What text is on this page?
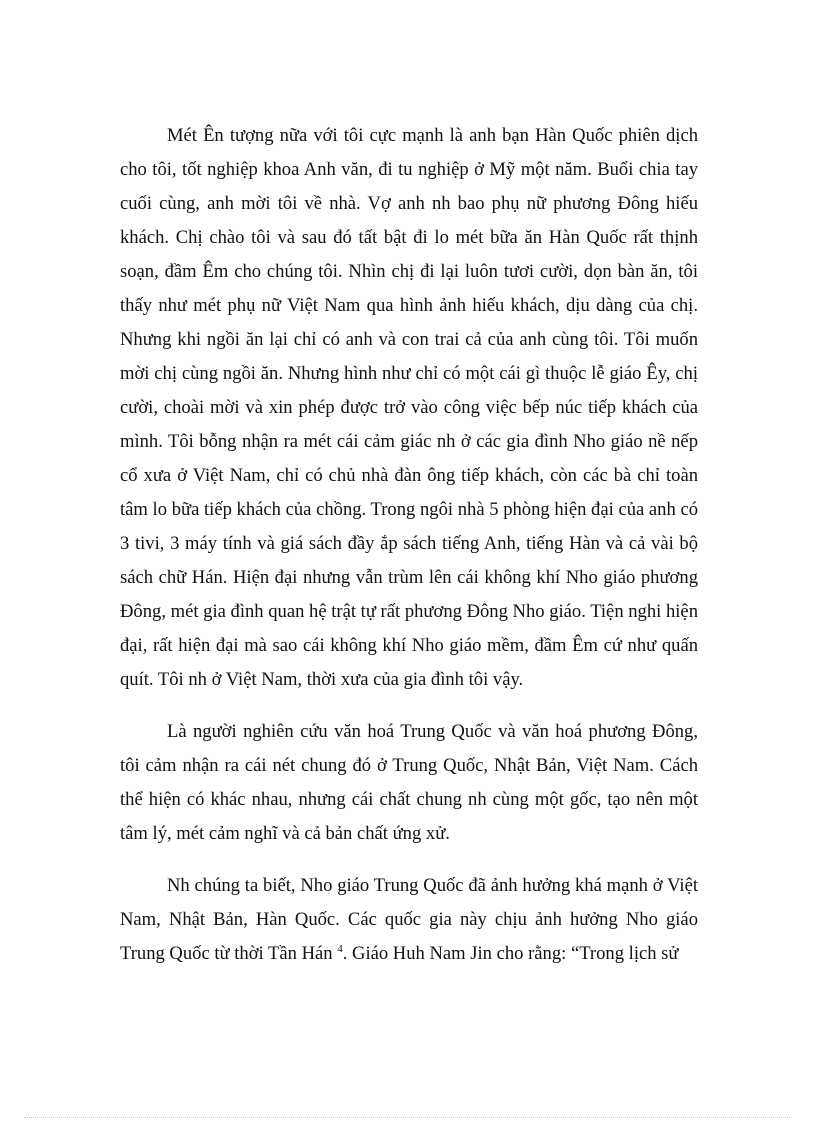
Mét Ên tượng nữa với tôi cực mạnh là anh bạn Hàn Quốc phiên dịch cho tôi, tốt nghiệp khoa Anh văn, đi tu nghiệp ở Mỹ một năm. Buổi chia tay cuối cùng, anh mời tôi về nhà. Vợ anh nh bao phụ nữ phương Đông hiếu khách. Chị chào tôi và sau đó tất bật đi lo mét bữa ăn Hàn Quốc rất thịnh soạn, đầm Êm cho chúng tôi. Nhìn chị đi lại luôn tươi cười, dọn bàn ăn, tôi thấy như mét phụ nữ Việt Nam qua hình ảnh hiếu khách, dịu dàng của chị. Nhưng khi ngồi ăn lại chỉ có anh và con trai cả của anh cùng tôi. Tôi muốn mời chị cùng ngồi ăn. Nhưng hình như chỉ có một cái gì thuộc lễ giáo Êy, chị cười, choài mời và xin phép được trở vào công việc bếp núc tiếp khách của mình. Tôi bỗng nhận ra mét cái cảm giác nh ở các gia đình Nho giáo nề nếp cổ xưa ở Việt Nam, chỉ có chủ nhà đàn ông tiếp khách, còn các bà chỉ toàn tâm lo bữa tiếp khách của chồng. Trong ngôi nhà 5 phòng hiện đại của anh có 3 tivi, 3 máy tính và giá sách đầy ắp sách tiếng Anh, tiếng Hàn và cả vài bộ sách chữ Hán. Hiện đại nhưng vẫn trùm lên cái không khí Nho giáo phương Đông, mét gia đình quan hệ trật tự rất phương Đông Nho giáo. Tiện nghi hiện đại, rất hiện đại mà sao cái không khí Nho giáo mềm, đầm Êm cứ như quấn quít. Tôi nh ở Việt Nam, thời xưa của gia đình tôi vậy.

Là người nghiên cứu văn hoá Trung Quốc và văn hoá phương Đông, tôi cảm nhận ra cái nét chung đó ở Trung Quốc, Nhật Bản, Việt Nam. Cách thể hiện có khác nhau, nhưng cái chất chung nh cùng một gốc, tạo nên một tâm lý, mét cảm nghĩ và cả bản chất ứng xử.

Nh chúng ta biết, Nho giáo Trung Quốc đã ảnh hưởng khá mạnh ở Việt Nam, Nhật Bản, Hàn Quốc. Các quốc gia này chịu ảnh hưởng Nho giáo Trung Quốc từ thời Tần Hán $^4$. Giáo Huh Nam Jin cho rằng: “Trong lịch sử
